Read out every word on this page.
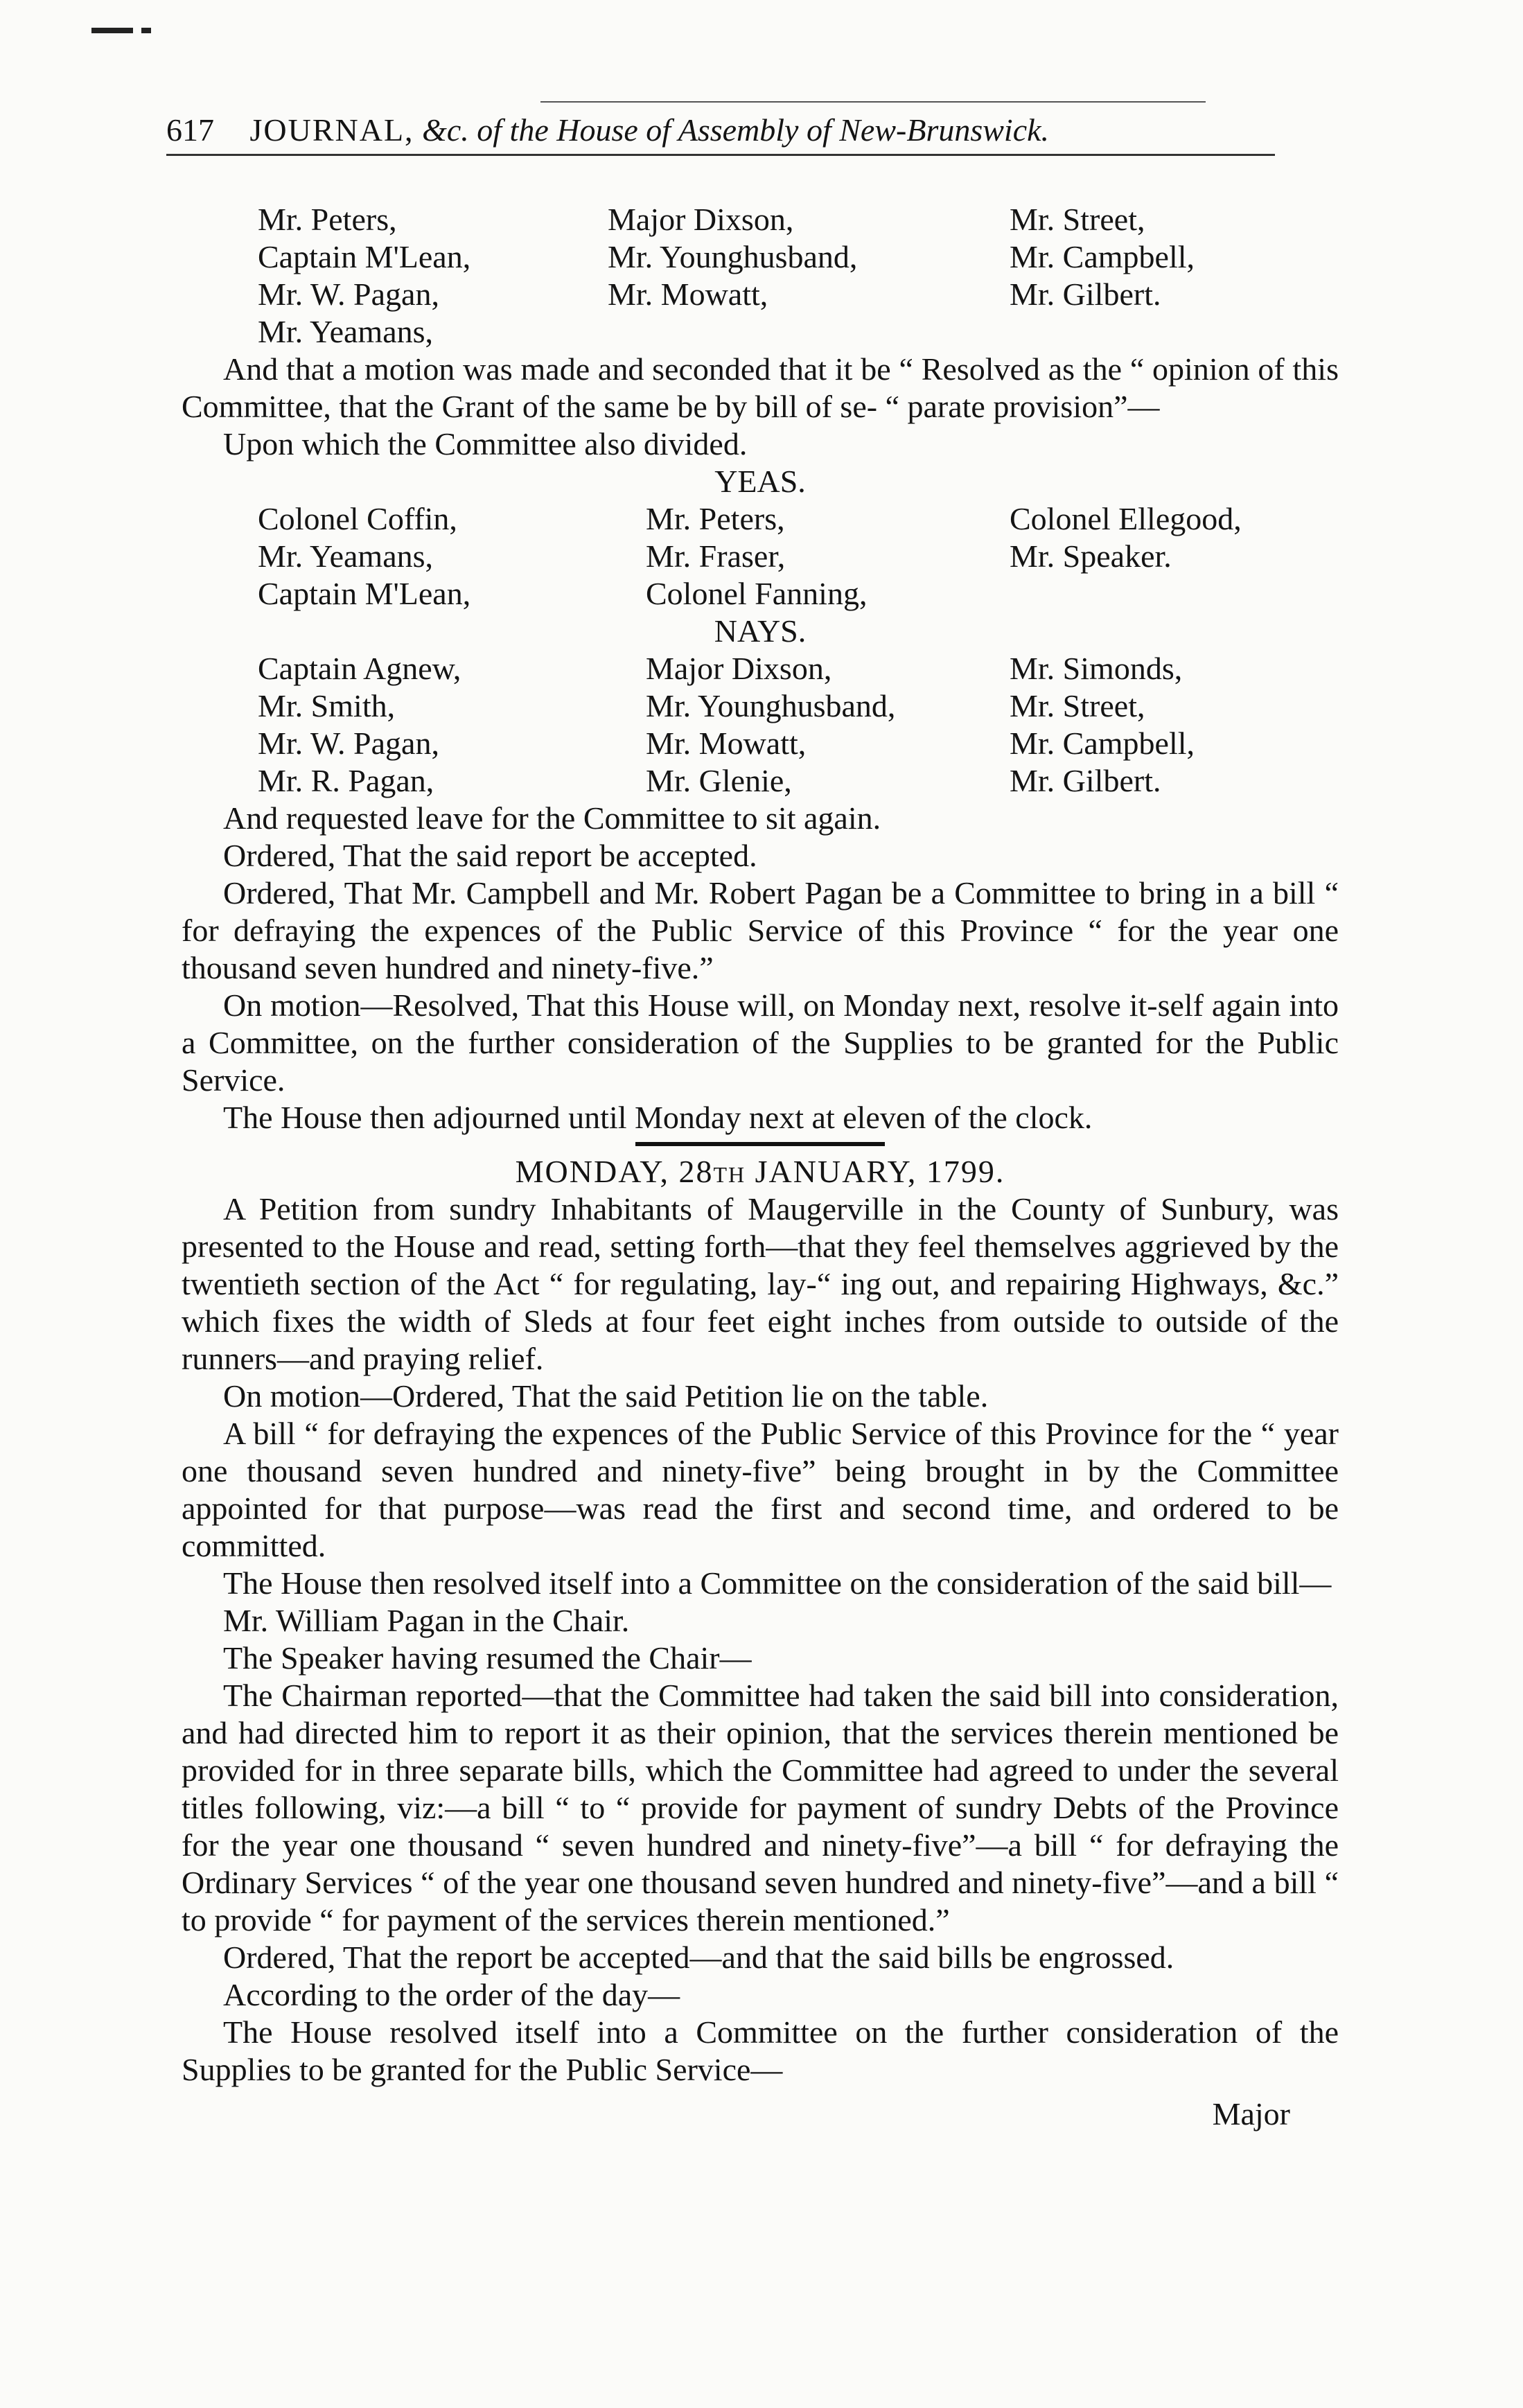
617 JOURNAL, &c. of the House of Assembly of New-Brunswick.
Mr. Peters,	Major Dixson,	Mr. Street,
Captain M'Lean,	Mr. Younghusband,	Mr. Campbell,
Mr. W. Pagan,	Mr. Mowatt,	Mr. Gilbert.
Mr. Yeamans,
And that a motion was made and seconded that it be “ Resolved as the “ opinion of this Committee, that the Grant of the same be by bill of se- “ parate provision”—
Upon which the Committee also divided.
YEAS.
Colonel Coffin,	Mr. Peters,	Colonel Ellegood,
Mr. Yeamans,	Mr. Fraser,	Mr. Speaker.
Captain M'Lean,	Colonel Fanning,
NAYS.
Captain Agnew,	Major Dixson,	Mr. Simonds,
Mr. Smith,	Mr. Younghusband,	Mr. Street,
Mr. W. Pagan,	Mr. Mowatt,	Mr. Campbell,
Mr. R. Pagan,	Mr. Glenie,	Mr. Gilbert.
And requested leave for the Committee to sit again.
Ordered, That the said report be accepted.
Ordered, That Mr. Campbell and Mr. Robert Pagan be a Committee to bring in a bill “ for defraying the expences of the Public Service of this Province “ for the year one thousand seven hundred and ninety-five.”
On motion—Resolved, That this House will, on Monday next, resolve it-self again into a Committee, on the further consideration of the Supplies to be granted for the Public Service.
The House then adjourned until Monday next at eleven of the clock.
MONDAY, 28th JANUARY, 1799.
A Petition from sundry Inhabitants of Maugerville in the County of Sunbury, was presented to the House and read, setting forth—that they feel themselves aggrieved by the twentieth section of the Act “ for regulating, lay-“ ing out, and repairing Highways, &c.” which fixes the width of Sleds at four feet eight inches from outside to outside of the runners—and praying relief.
On motion—Ordered, That the said Petition lie on the table.
A bill “ for defraying the expences of the Public Service of this Province for the “ year one thousand seven hundred and ninety-five” being brought in by the Committee appointed for that purpose—was read the first and second time, and ordered to be committed.
The House then resolved itself into a Committee on the consideration of the said bill—
Mr. William Pagan in the Chair.
The Speaker having resumed the Chair—
The Chairman reported—that the Committee had taken the said bill into consideration, and had directed him to report it as their opinion, that the services therein mentioned be provided for in three separate bills, which the Committee had agreed to under the several titles following, viz:—a bill “ to “ provide for payment of sundry Debts of the Province for the year one thousand “ seven hundred and ninety-five”—a bill “ for defraying the Ordinary Services “ of the year one thousand seven hundred and ninety-five”—and a bill “ to provide “ for payment of the services therein mentioned.”
Ordered, That the report be accepted—and that the said bills be engrossed.
According to the order of the day—
The House resolved itself into a Committee on the further consideration of the Supplies to be granted for the Public Service—
Major
